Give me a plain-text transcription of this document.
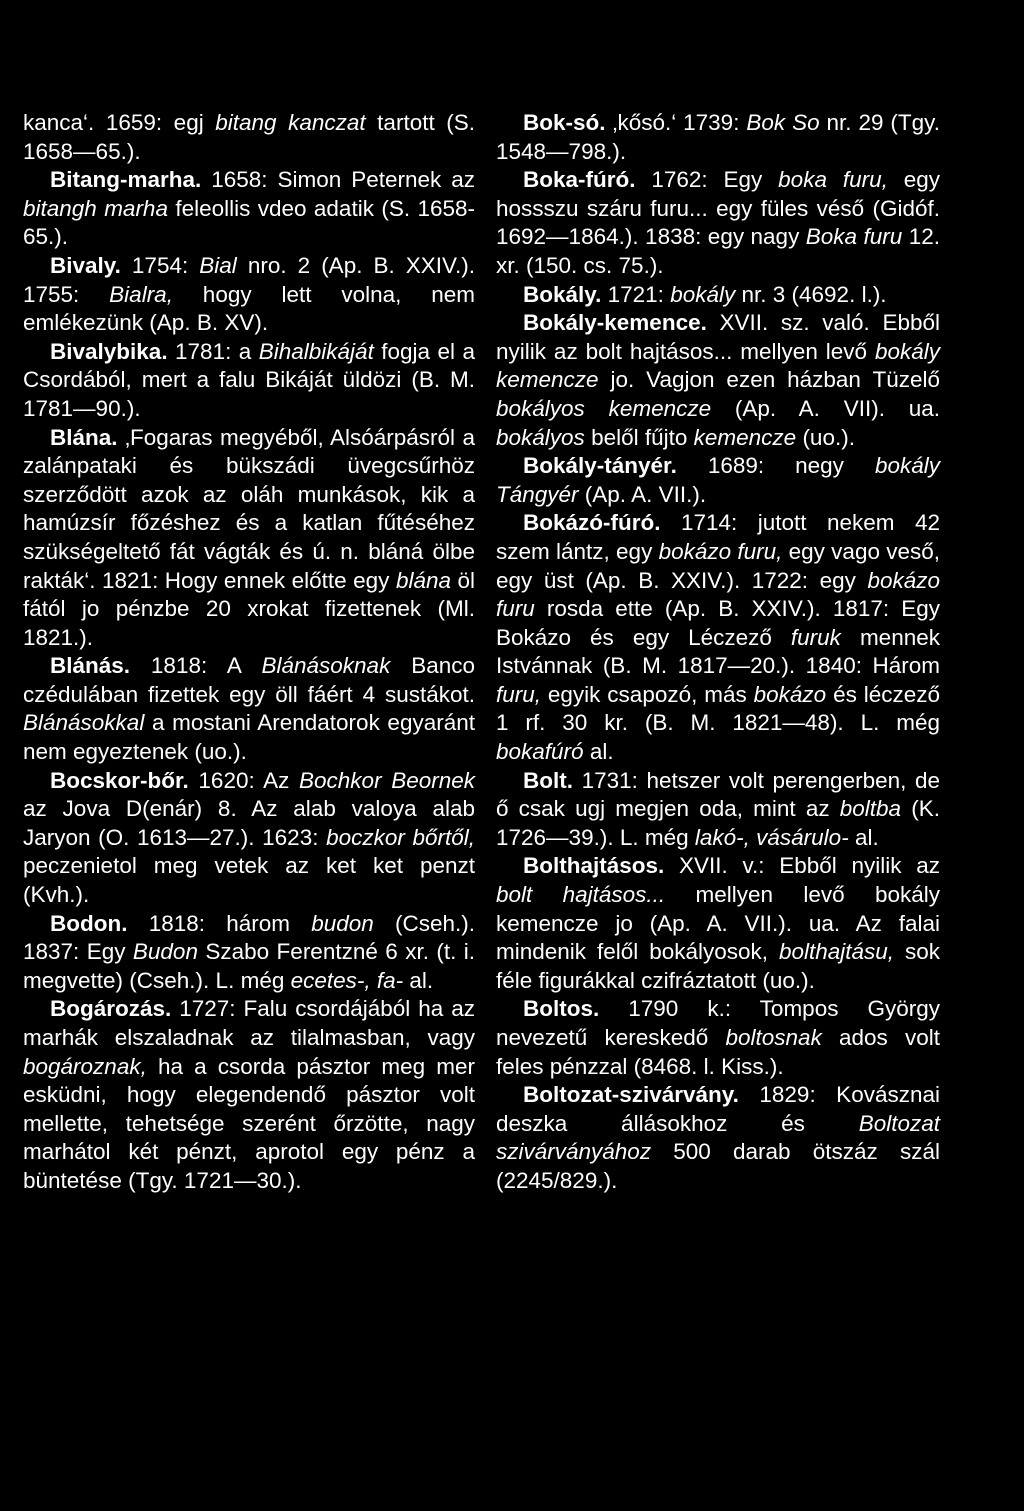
kanca‘. 1659: egj bitang kanczat tartott (S. 1658—65.).

Bitang-marha. 1658: Simon Peternek az bitangh marha feleollis vdeo adatik (S. 1658-65.).

Bivaly. 1754: Bial nro. 2 (Ap. B. XXIV.). 1755: Bialra, hogy lett volna, nem emlékezünk (Ap. B. XV).

Bivalybika. 1781: a Bihalbikáját fogja el a Csordából, mert a falu Bikáját üldözi (B. M. 1781—90.).

Blána. ‚Fogaras megyéből, Alsóárpásról a zalánpataki és bükszádi üvegcsűrhöz szerződött azok az oláh munkások, kik a hamúzsír főzéshez és a katlan fűtéséhez szükségeltető fát vágták és ú. n. bláná ölbe rakták‘. 1821: Hogy ennek előtte egy blána öl fától jo pénzbe 20 xrokat fizettenek (Ml. 1821.).

Blánás. 1818: A Blánásoknak Banco czédulában fizettek egy öll fáért 4 sustákot. Blánásokkal a mostani Arendatorok egyaránt nem egyeztenek (uo.).

Bocskor-bőr. 1620: Az Bochkor Beornek az Jova D(enár) 8. Az alab valoya alab Jaryon (O. 1613—27.). 1623: boczkor bőrtől, peczenietol meg vetek az ket ket penzt (Kvh.).

Bodon. 1818: három budon (Cseh.). 1837: Egy Budon Szabo Ferentzné 6 xr. (t. i. megvette) (Cseh.). L. még ecetes-, fa- al.

Bogározás. 1727: Falu csordájából ha az marhák elszaladnak az tilalmasban, vagy bogároznak, ha a csorda pásztor meg mer esküdni, hogy elegendendő pásztor volt mellette, tehetsége szerént őrzötte, nagy marhátol két pénzt, aprotol egy pénz a büntetése (Tgy. 1721—30.).

Bok-só. ‚kősó.‘ 1739: Bok So nr. 29 (Tgy. 1548—798.).

Boka-fúró. 1762: Egy boka furu, egy hossszu száru furu... egy füles véső (Gidóf. 1692—1864.). 1838: egy nagy Boka furu 12. xr. (150. cs. 75.).

Bokály. 1721: bokály nr. 3 (4692. l.).

Bokály-kemence. XVII. sz. való. Ebből nyilik az bolt hajtásos... mellyen levő bokály kemencze jo. Vagjon ezen házban Tüzelő bokályos kemencze (Ap. A. VII). ua. bokályos belől fűjto kemencze (uo.).

Bokály-tányér. 1689: negy bokály Tángyér (Ap. A. VII.).

Bokázó-fúró. 1714: jutott nekem 42 szem lántz, egy bokázo furu, egy vago veső, egy üst (Ap. B. XXIV.). 1722: egy bokázo furu rosda ette (Ap. B. XXIV.). 1817: Egy Bokázo és egy Léczező furuk mennek Istvánnak (B. M. 1817—20.). 1840: Három furu, egyik csapozó, más bokázo és léczező 1 rf. 30 kr. (B. M. 1821—48). L. még bokafúró al.

Bolt. 1731: hetszer volt perengerben, de ő csak ugj megjen oda, mint az boltba (K. 1726—39.). L. még lakó-, vásárulo- al.

Bolthajtásos. XVII. v.: Ebből nyilik az bolt hajtásos... mellyen levő bokály kemencze jo (Ap. A. VII.). ua. Az falai mindenik felől bokályosok, bolthajtásu, sok féle figurákkal czifráztatott (uo.).

Boltos. 1790 k.: Tompos György nevezetű kereskedő boltosnak ados volt feles pénzzal (8468. l. Kiss.).

Boltozat-szivárvány. 1829: Kovásznai deszka állásokhoz és Boltozat szivárványához 500 darab ötszáz szál (2245/829.).
